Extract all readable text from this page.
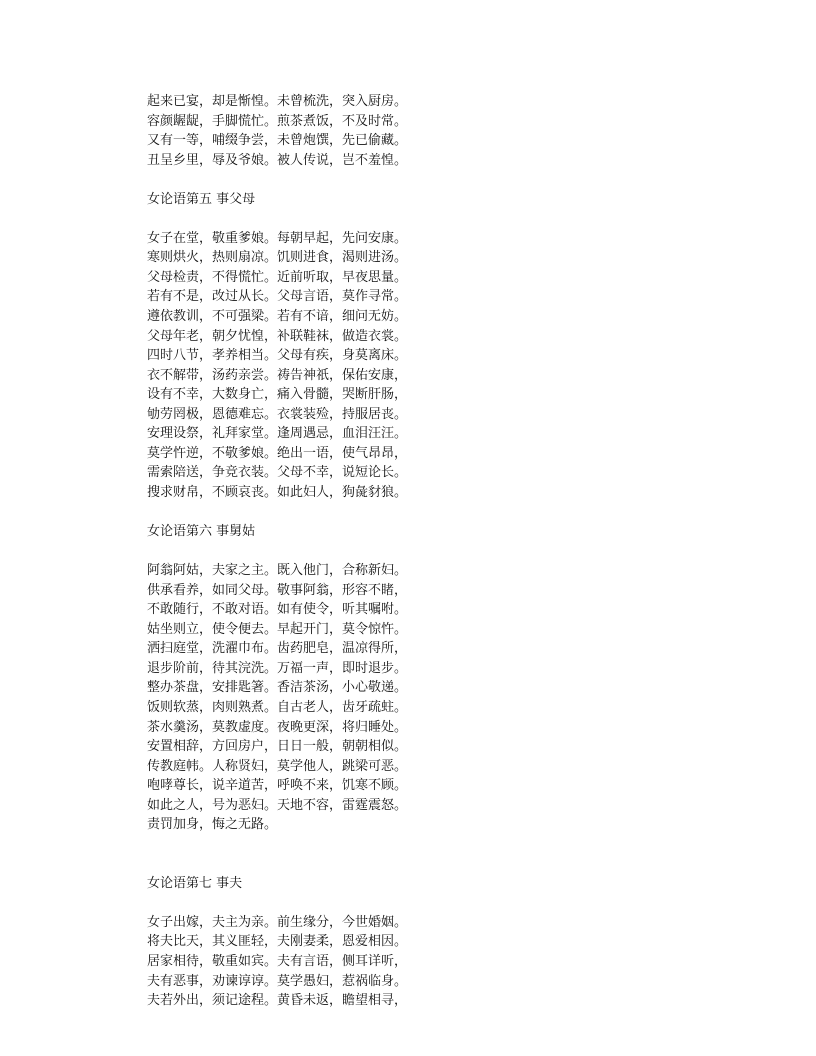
起来已宴，却是惭惶。未曾梳洗，突入厨房。
容颜龌龊，手脚慌忙。煎茶煮饭，不及时常。
又有一等，哺缀争尝，未曾炮馔，先已偷藏。
丑呈乡里，辱及爷娘。被人传说，岂不羞惶。
女论语第五 事父母
女子在堂，敬重爹娘。每朝早起，先问安康。
寒则烘火，热则扇凉。饥则进食，渴则进汤。
父母检责，不得慌忙。近前听取，早夜思量。
若有不是，改过从长。父母言语，莫作寻常。
遵依教训，不可强梁。若有不谙，细问无妨。
父母年老，朝夕忧惶，补联鞋袜，做造衣裳。
四时八节，孝养相当。父母有疾，身莫离床。
衣不解带，汤药亲尝。祷告神祇，保佑安康，
设有不幸，大数身亡，痛入骨髓，哭断肝肠，
劬劳罔极，恩德难忘。衣裳装殓，持服居丧。
安理设祭，礼拜家堂。逢周遇忌，血泪汪汪。
莫学忤逆，不敬爹娘。绝出一语，使气昂昂，
需索陪送，争竞衣装。父母不幸，说短论长。
搜求财帛，不顾哀丧。如此妇人，狗彘豺狼。
女论语第六 事舅姑
阿翁阿姑，夫家之主。既入他门，合称新妇。
供承看养，如同父母。敬事阿翁，形容不睹，
不敢随行，不敢对语。如有使令，听其嘱咐。
姑坐则立，使令便去。早起开门，莫令惊忤。
洒扫庭堂，洗濯巾布。齿药肥皂，温凉得所，
退步阶前，待其浣洗。万福一声，即时退步。
整办茶盘，安排匙箸。香洁茶汤，小心敬递。
饭则软蒸，肉则熟煮。自古老人，齿牙疏蛀。
茶水羹汤，莫教虚度。夜晚更深，将归睡处。
安置相辞，方回房户，日日一般，朝朝相似。
传教庭帏。人称贤妇，莫学他人，跳梁可恶。
咆哮尊长，说辛道苦，呼唤不来，饥寒不顾。
如此之人，号为恶妇。天地不容，雷霆震怒。
责罚加身，悔之无路。
女论语第七 事夫
女子出嫁，夫主为亲。前生缘分，今世婚姻。
将夫比天，其义匪轻，夫刚妻柔，恩爱相因。
居家相待，敬重如宾。夫有言语，侧耳详听，
夫有恶事，劝谏谆谆。莫学愚妇，惹祸临身。
夫若外出，须记途程。黄昏未返，瞻望相寻，
